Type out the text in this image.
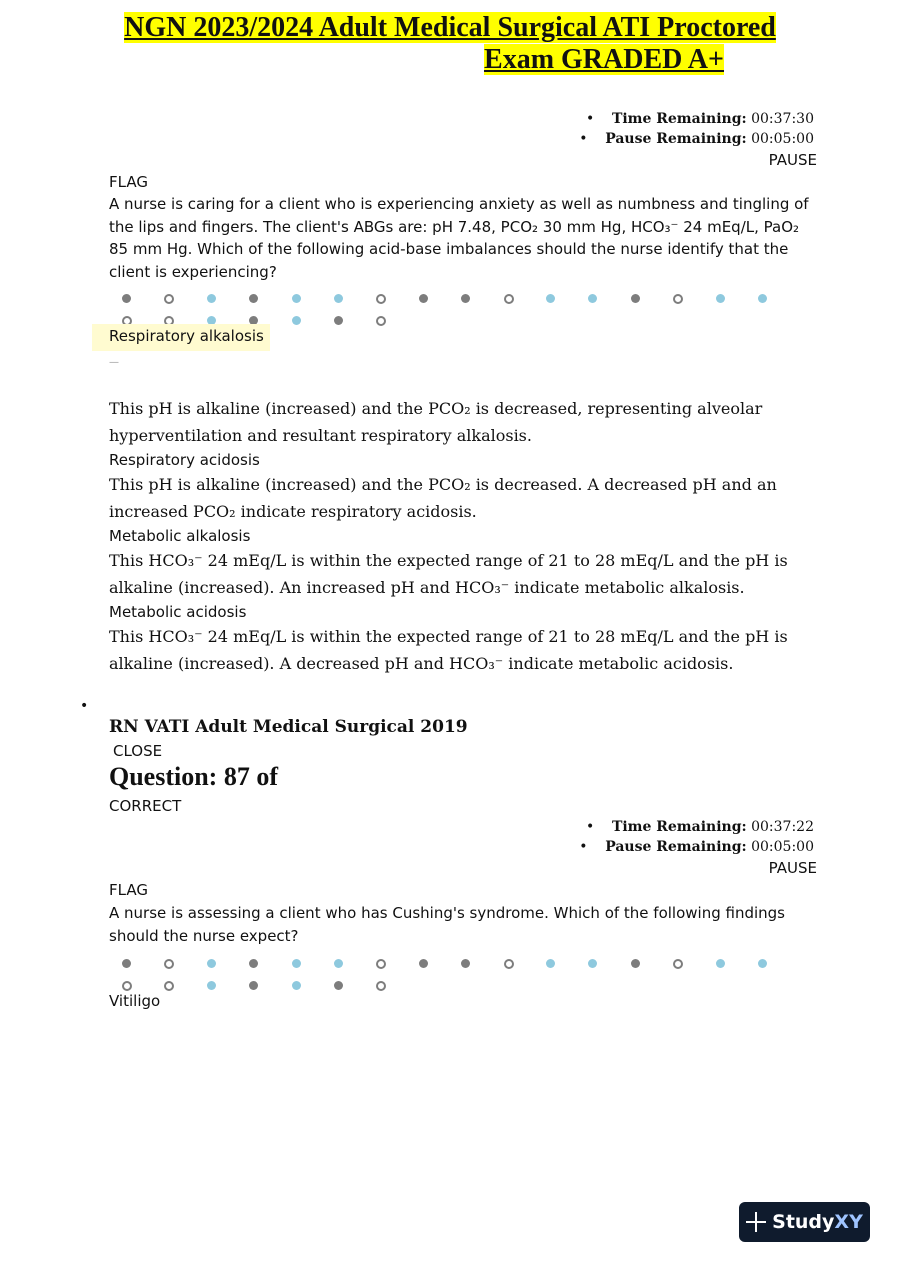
NGN 2023/2024 Adult Medical Surgical ATI Proctored
Exam GRADED A+
• Time Remaining: 00:37:30
• Pause Remaining: 00:05:00
PAUSE
FLAG
A nurse is caring for a client who is experiencing anxiety as well as numbness and tingling of the lips and fingers. The client's ABGs are: pH 7.48, PCO₂ 30 mm Hg, HCO₃⁻ 24 mEq/L, PaO₂ 85 mm Hg. Which of the following acid-base imbalances should the nurse identify that the client is experiencing?
Respiratory alkalosis
—
This pH is alkaline (increased) and the PCO₂ is decreased, representing alveolar hyperventilation and resultant respiratory alkalosis.
Respiratory acidosis
This pH is alkaline (increased) and the PCO₂ is decreased. A decreased pH and an increased PCO₂ indicate respiratory acidosis.
Metabolic alkalosis
This HCO₃⁻ 24 mEq/L is within the expected range of 21 to 28 mEq/L and the pH is alkaline (increased). An increased pH and HCO₃⁻ indicate metabolic alkalosis.
Metabolic acidosis
This HCO₃⁻ 24 mEq/L is within the expected range of 21 to 28 mEq/L and the pH is alkaline (increased). A decreased pH and HCO₃⁻ indicate metabolic acidosis.
•
RN VATI Adult Medical Surgical 2019
CLOSE
Question: 87 of
CORRECT
• Time Remaining: 00:37:22
• Pause Remaining: 00:05:00
PAUSE
FLAG
A nurse is assessing a client who has Cushing's syndrome. Which of the following findings should the nurse expect?
Vitiligo
Study XY
